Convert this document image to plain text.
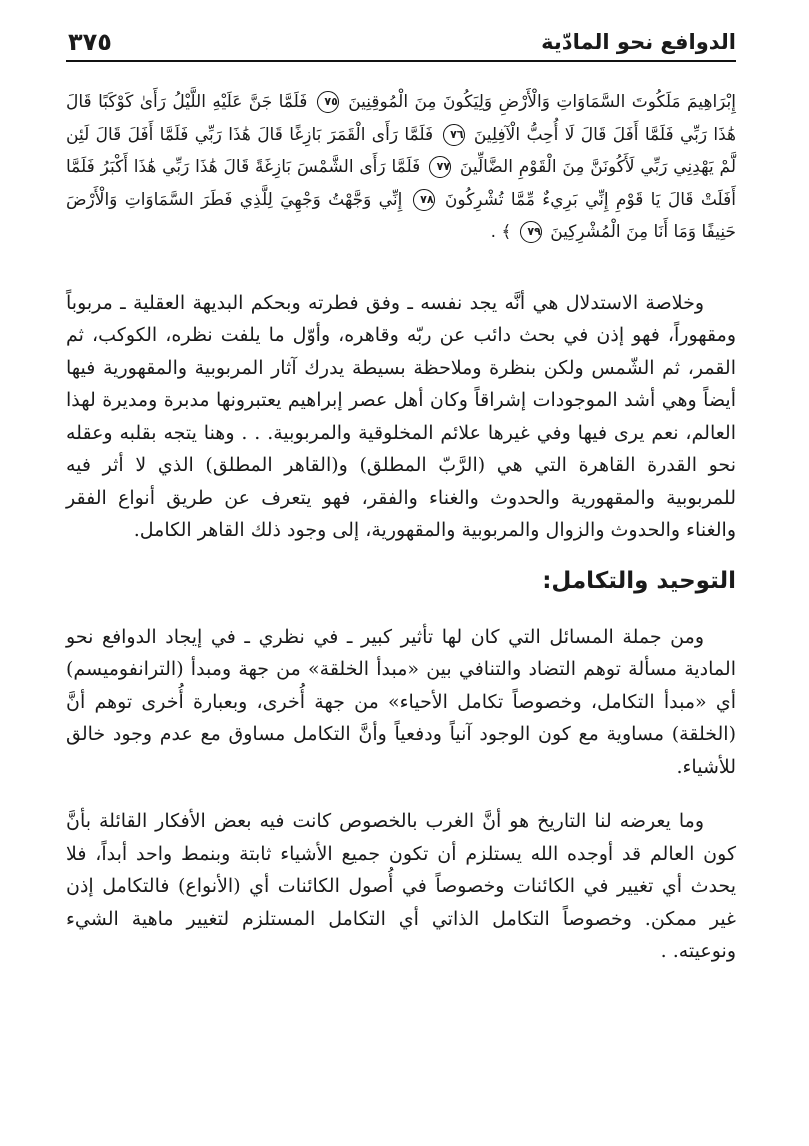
الدوافع نحو المادّية
٣٧٥
إِبْرَاهِيمَ مَلَكُوتَ السَّمَاوَاتِ وَالْأَرْضِ وَلِيَكُونَ مِنَ الْمُوقِنِينَ ٧٥ فَلَمَّا جَنَّ عَلَيْهِ اللَّيْلُ رَأَىٰ كَوْكَبًا قَالَ هَٰذَا رَبِّي فَلَمَّا أَفَلَ قَالَ لَا أُحِبُّ الْآفِلِينَ ٧٦ فَلَمَّا رَأَى الْقَمَرَ بَازِغًا قَالَ هَٰذَا رَبِّي فَلَمَّا أَفَلَ قَالَ لَئِن لَّمْ يَهْدِنِي رَبِّي لَأَكُونَنَّ مِنَ الْقَوْمِ الضَّالِّينَ ٧٧ فَلَمَّا رَأَى الشَّمْسَ بَازِغَةً قَالَ هَٰذَا رَبِّي هَٰذَا أَكْبَرُ فَلَمَّا أَفَلَتْ قَالَ يَا قَوْمِ إِنِّي بَرِيءٌ مِّمَّا تُشْرِكُونَ ٧٨ إِنِّي وَجَّهْتُ وَجْهِيَ لِلَّذِي فَطَرَ السَّمَاوَاتِ وَالْأَرْضَ حَنِيفًا وَمَا أَنَا مِنَ الْمُشْرِكِينَ ٧٩ ﴾ .

وخلاصة الاستدلال هي أنَّه يجد نفسه ـ وفق فطرته وبحكم البديهة العقلية ـ مربوباً ومقهوراً، فهو إذن في بحث دائب عن ربّه وقاهره، وأوّل ما يلفت نظره، الكوكب، ثم القمر، ثم الشّمس ولكن بنظرة وملاحظة بسيطة يدرك آثار المربوبية والمقهورية فيها أيضاً وهي أشد الموجودات إشراقاً وكان أهل عصر إبراهيم يعتبرونها مدبرة ومديرة لهذا العالم، نعم يرى فيها وفي غيرها علائم المخلوقية والمربوبية. . . وهنا يتجه بقلبه وعقله نحو القدرة القاهرة التي هي (الرَّبّ المطلق) و(القاهر المطلق) الذي لا أثر فيه للمربوبية والمقهورية والحدوث والغناء والفقر، فهو يتعرف عن طريق أنواع الفقر والغناء والحدوث والزوال والمربوبية والمقهورية، إلى وجود ذلك القاهر الكامل.

التوحيد والتكامل:

ومن جملة المسائل التي كان لها تأثير كبير ـ في نظري ـ في إيجاد الدوافع نحو المادية مسألة توهم التضاد والتنافي بين «مبدأ الخلقة» من جهة ومبدأ (الترانفوميسم) أي «مبدأ التكامل، وخصوصاً تكامل الأحياء» من جهة أُخرى، وبعبارة أُخرى توهم أنَّ (الخلقة) مساوية مع كون الوجود آنياً ودفعياً وأنَّ التكامل مساوق مع عدم وجود خالق للأشياء.

وما يعرضه لنا التاريخ هو أنَّ الغرب بالخصوص كانت فيه بعض الأفكار القائلة بأنَّ كون العالم قد أوجده الله يستلزم أن تكون جميع الأشياء ثابتة وبنمط واحد أبداً، فلا يحدث أي تغيير في الكائنات وخصوصاً في أُصول الكائنات أي (الأنواع) فالتكامل إذن غير ممكن. وخصوصاً التكامل الذاتي أي التكامل المستلزم لتغيير ماهية الشيء ونوعيته. .
